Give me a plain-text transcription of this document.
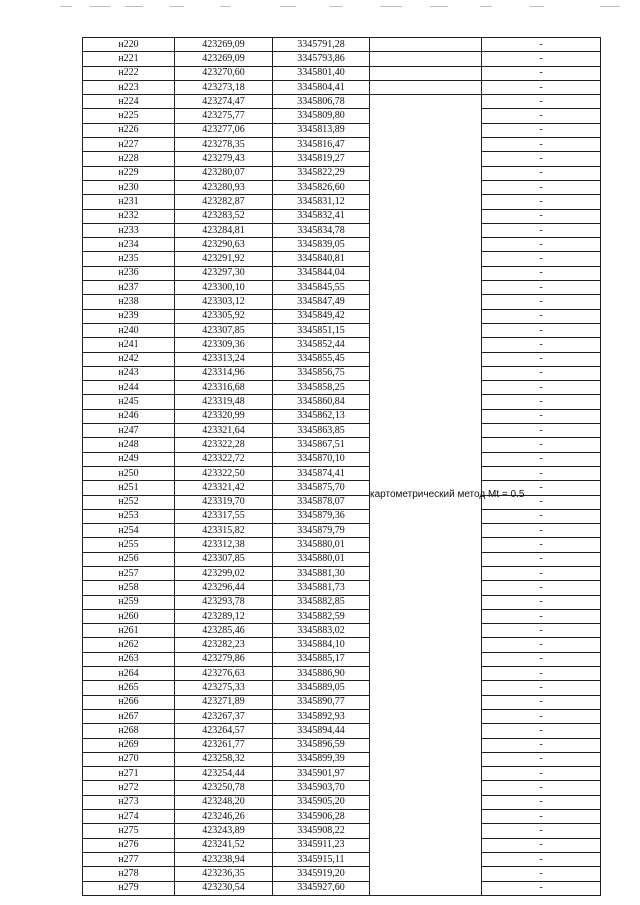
н220	423269,09	3345791,28		-
н221	423269,09	3345793,86		-
н222	423270,60	3345801,40		-
н223	423273,18	3345804,41		-
н224	423274,47	3345806,78	картометрический метод Mt = 0.5	-
н225	423275,77	3345809,80		-
н226	423277,06	3345813,89		-
н227	423278,35	3345816,47		-
н228	423279,43	3345819,27		-
н229	423280,07	3345822,29		-
н230	423280,93	3345826,60		-
н231	423282,87	3345831,12		-
н232	423283,52	3345832,41		-
н233	423284,81	3345834,78		-
н234	423290,63	3345839,05		-
н235	423291,92	3345840,81		-
н236	423297,30	3345844,04		-
н237	423300,10	3345845,55		-
н238	423303,12	3345847,49		-
н239	423305,92	3345849,42		-
н240	423307,85	3345851,15		-
н241	423309,36	3345852,44		-
н242	423313,24	3345855,45		-
н243	423314,96	3345856,75		-
н244	423316,68	3345858,25		-
н245	423319,48	3345860,84		-
н246	423320,99	3345862,13		-
н247	423321,64	3345863,85		-
н248	423322,28	3345867,51		-
н249	423322,72	3345870,10		-
н250	423322,50	3345874,41		-
н251	423321,42	3345875,70		-
н252	423319,70	3345878,07		-
н253	423317,55	3345879,36		-
н254	423315,82	3345879,79		-
н255	423312,38	3345880,01		-
н256	423307,85	3345880,01		-
н257	423299,02	3345881,30		-
н258	423296,44	3345881,73		-
н259	423293,78	3345882,85		-
н260	423289,12	3345882,59		-
н261	423285,46	3345883,02		-
н262	423282,23	3345884,10		-
н263	423279,86	3345885,17		-
н264	423276,63	3345886,90		-
н265	423275,33	3345889,05		-
н266	423271,89	3345890,77		-
н267	423267,37	3345892,93		-
н268	423264,57	3345894,44		-
н269	423261,77	3345896,59		-
н270	423258,32	3345899,39		-
н271	423254,44	3345901,97		-
н272	423250,78	3345903,70		-
н273	423248,20	3345905,20		-
н274	423246,26	3345906,28		-
н275	423243,89	3345908,22		-
н276	423241,52	3345911,23		-
н277	423238,94	3345915,11		-
н278	423236,35	3345919,20		-
н279	423230,54	3345927,60		-
